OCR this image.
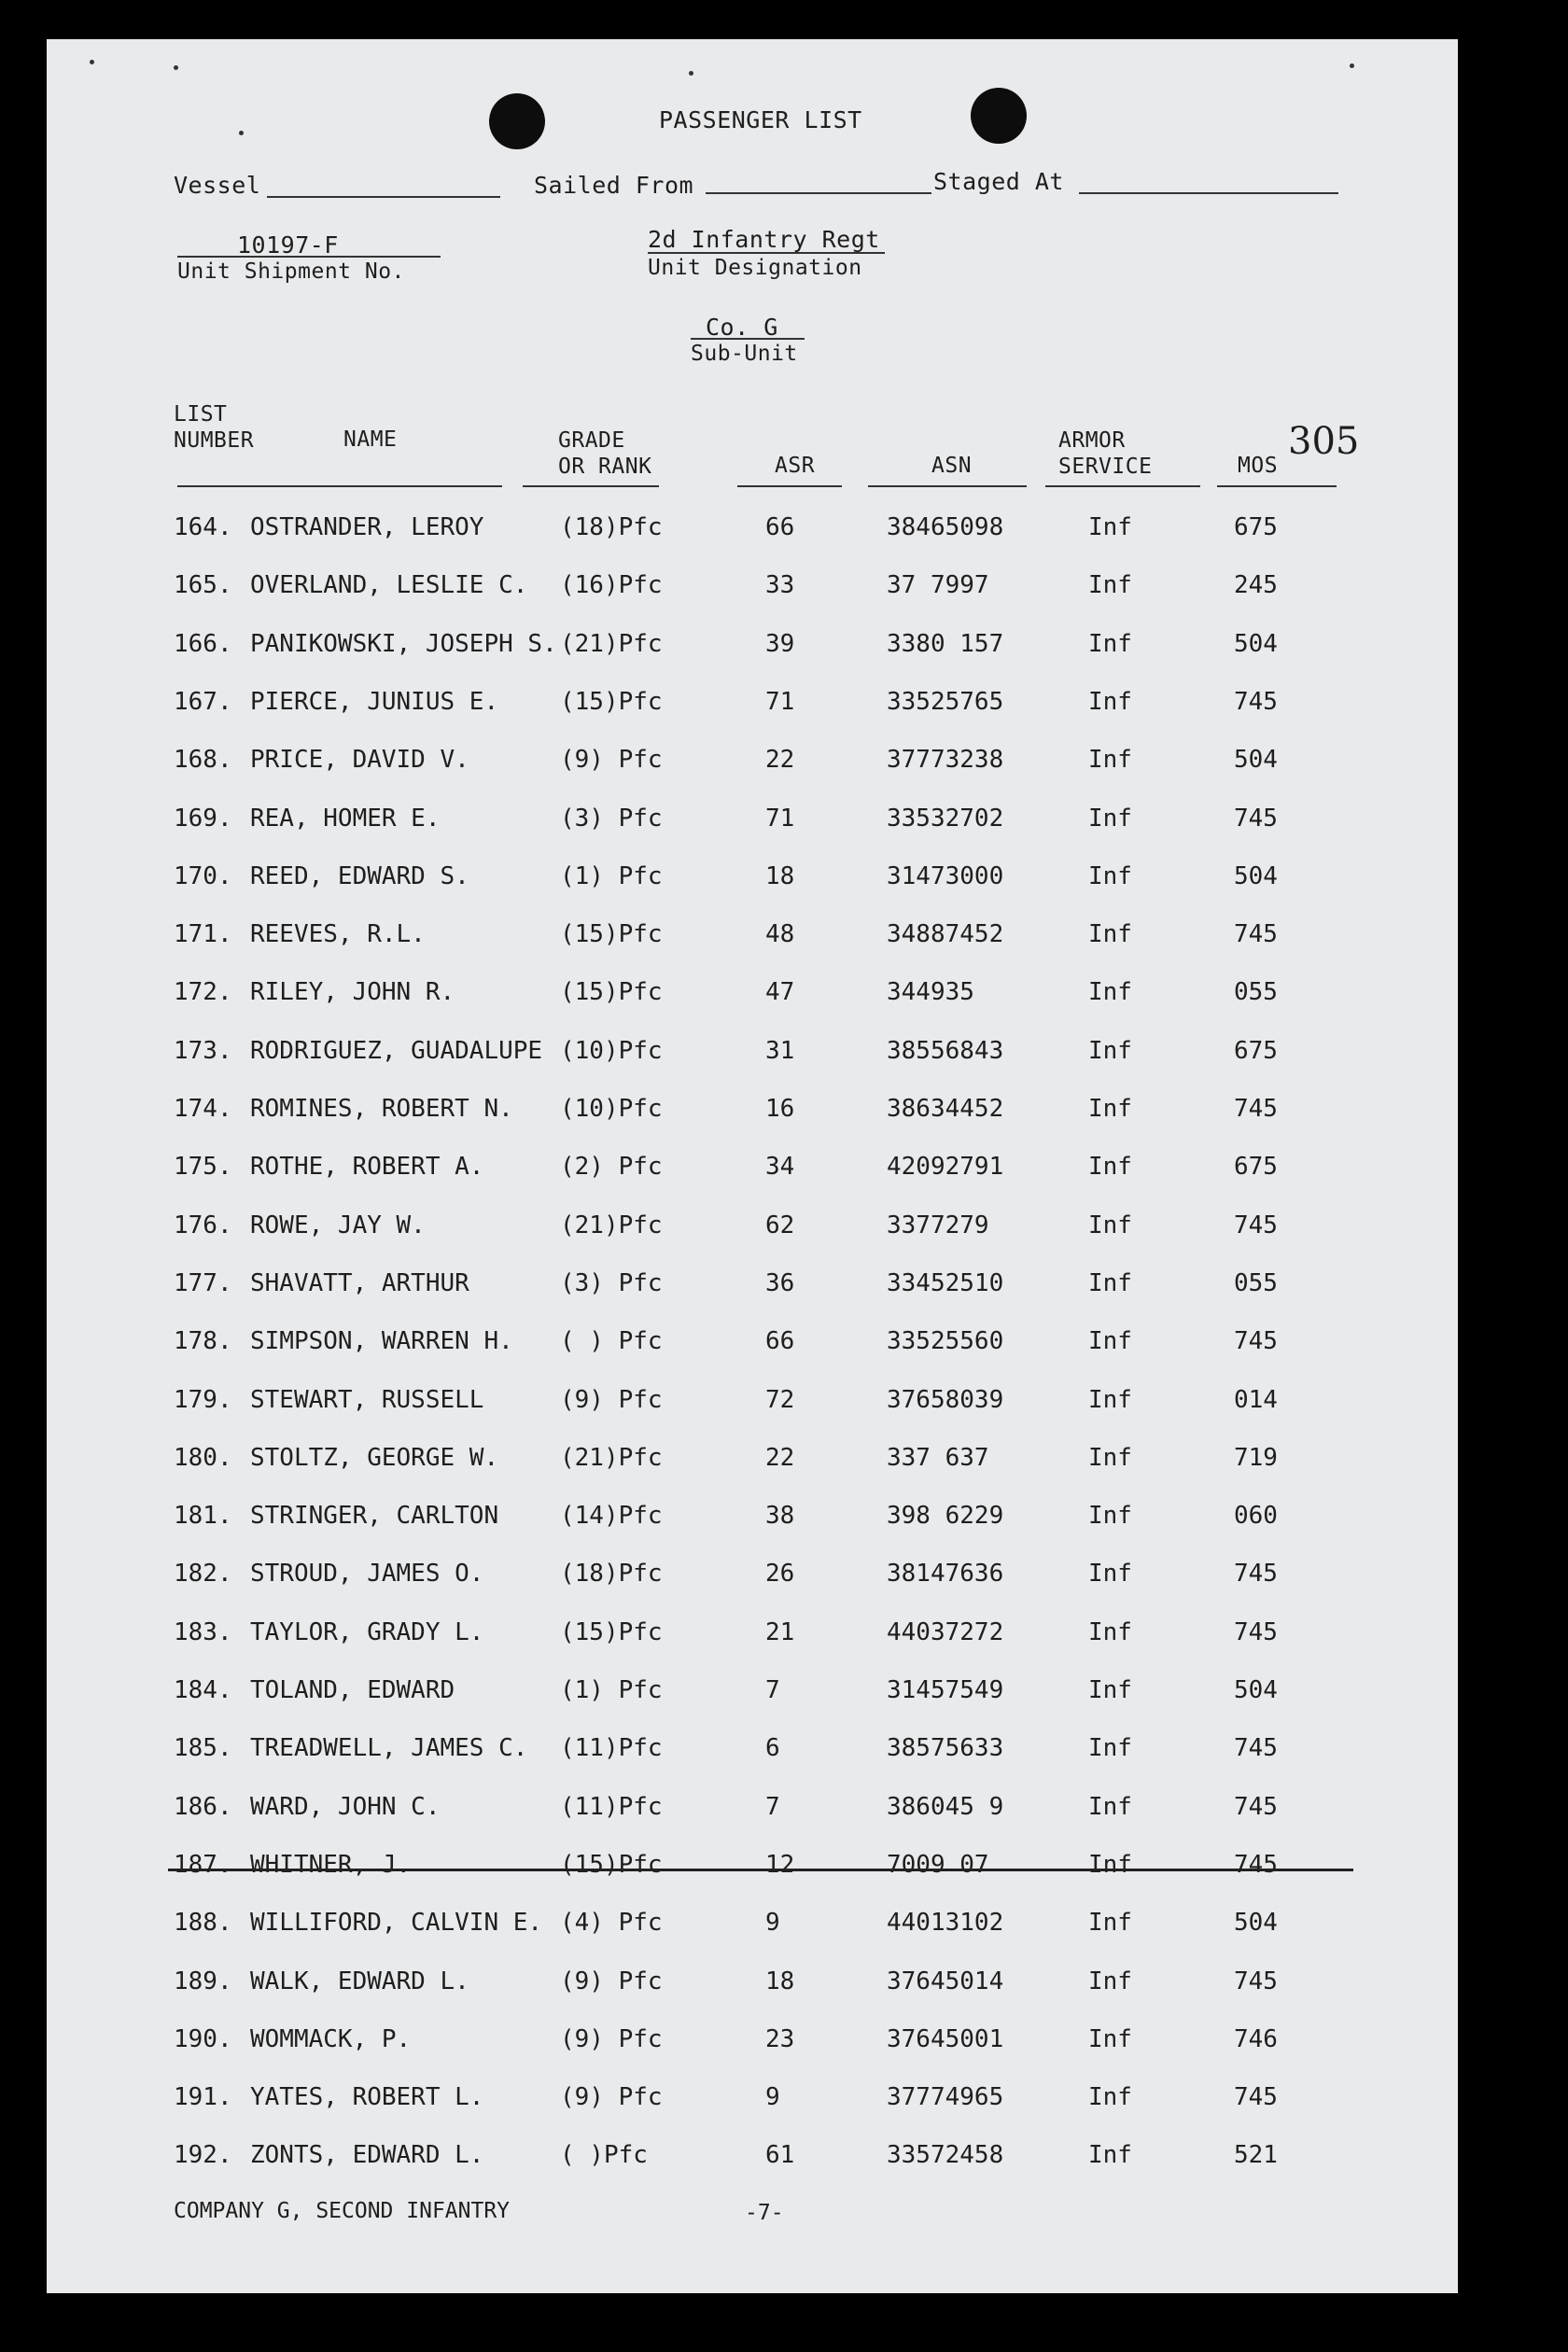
PASSENGER LIST
Vessel	Sailed From	Staged At
10197-F
Unit Shipment No.
2d Infantry Regt
Unit Designation
Co. G
Sub-Unit
LIST
NUMBER	NAME	GRADE
OR RANK	ASR	ASN
ARMOR
SERVICE	MOS
305
164. OSTRANDER, LEROY	(18)Pfc	66	38465098	Inf	675
165. OVERLAND, LESLIE C. (16)Pfc	33	37 7997	Inf	245
166. PANIKOWSKI, JOSEPH S. (21)Pfc	39	3380 157	Inf	504
167. PIERCE, JUNIUS E.	(15)Pfc	71	33525765	Inf	745
168. PRICE, DAVID V.	(9) Pfc	22	37773238	Inf	504
169. REA, HOMER E.	(3) Pfc	71	33532702	Inf	745
170. REED, EDWARD S.	(1) Pfc	18	31473000	Inf	504
171. REEVES, R.L.	(15)Pfc	48	34887452	Inf	745
172. RILEY, JOHN R.	(15)Pfc	47	344935	Inf	055
173. RODRIGUEZ, GUADALUPE (10)Pfc	31	38556843	Inf	675
174. ROMINES, ROBERT N. (10)Pfc	16	38634452	Inf	745
175. ROTHE, ROBERT A.	(2) Pfc	34	42092791	Inf	675
176. ROWE, JAY W.	(21)Pfc	62	3377279	Inf	745
177. SHAVATT, ARTHUR	(3) Pfc	36	33452510	Inf	055
178. SIMPSON, WARREN H. ( ) Pfc	66	33525560	Inf	745
179. STEWART, RUSSELL	(9) Pfc	72	37658039	Inf	014
180. STOLTZ, GEORGE W.	(21)Pfc	22	337 637	Inf	719
181. STRINGER, CARLTON	(14)Pfc	38	398 6229	Inf	060
182. STROUD, JAMES O.	(18)Pfc	26	38147636	Inf	745
183. TAYLOR, GRADY L.	(15)Pfc	21	44037272	Inf	745
184. TOLAND, EDWARD	(1) Pfc	7	31457549	Inf	504
185. TREADWELL, JAMES C. (11)Pfc	6	38575633	Inf	745
186. WARD, JOHN C.	(11)Pfc	7	386045 9	Inf	745
187. WHITNER, J.	(15)Pfc	12	7009 07	Inf	745
188. WILLIFORD, CALVIN E. (4) Pfc	9	44013102	Inf	504
189. WALK, EDWARD L.	(9) Pfc	18	37645014	Inf	745
190. WOMMACK, P.	(9) Pfc	23	37645001	Inf	746
191. YATES, ROBERT L.	(9) Pfc	9	37774965	Inf	745
192. ZONTS, EDWARD L.	( )Pfc	61	33572458	Inf	521
COMPANY G, SECOND INFANTRY	-7-
